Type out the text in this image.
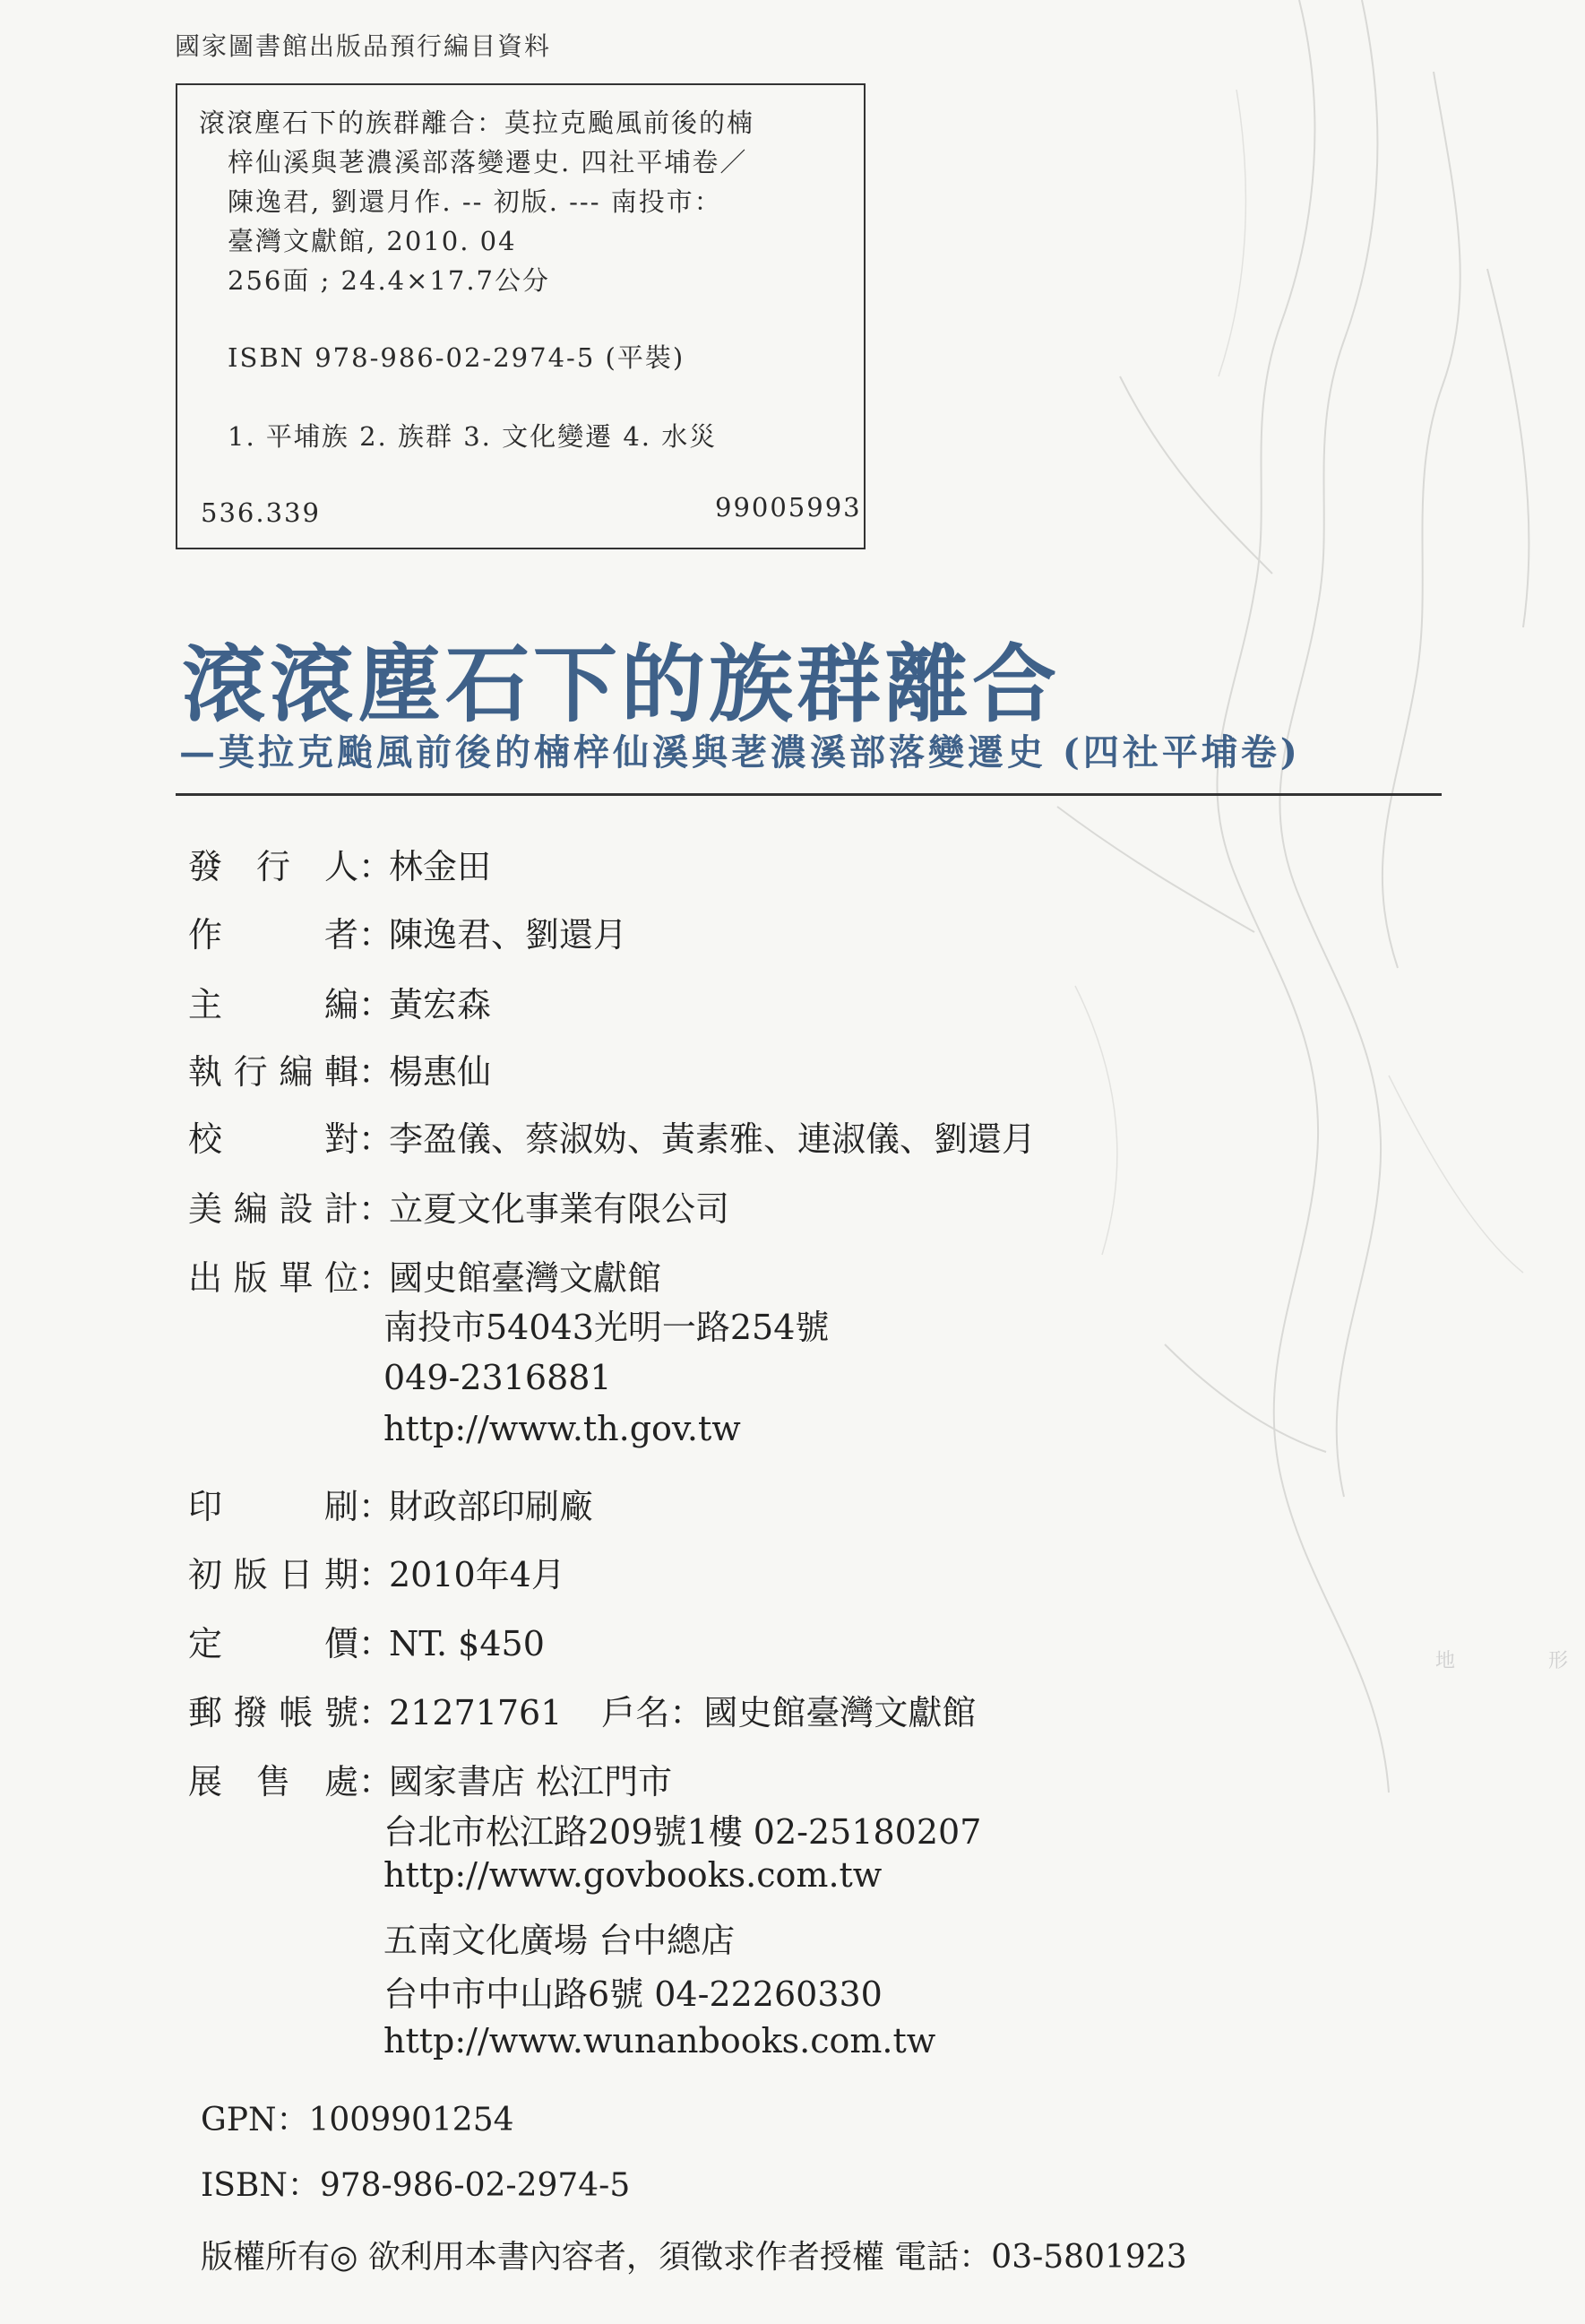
地	形
國家圖書館出版品預行編目資料
滾滾塵石下的族群離合：莫拉克颱風前後的楠
梓仙溪與荖濃溪部落變遷史. 四社平埔卷／
陳逸君, 劉還月作. -- 初版. --- 南投市：
臺灣文獻館, 2010. 04
256面 ; 24.4×17.7公分
ISBN 978-986-02-2974-5 (平裝)
1. 平埔族 2. 族群 3. 文化變遷 4. 水災
536.339	99005993
滾滾塵石下的族群離合
—莫拉克颱風前後的楠梓仙溪與荖濃溪部落變遷史 (四社平埔卷)
發行人：林金田
作者：陳逸君、劉還月
主編：黃宏森
執行編輯：楊惠仙
校對：李盈儀、蔡淑妫、黃素雅、連淑儀、劉還月
美編設計：立夏文化事業有限公司
出版單位：國史館臺灣文獻館
南投市54043光明一路254號
049-2316881
http://www.th.gov.tw
印刷：財政部印刷廠
初版日期：2010年4月
定價：NT. $450
郵撥帳號：21271761 戶名：國史館臺灣文獻館
展售處：國家書店 松江門市
台北市松江路209號1樓 02-25180207
http://www.govbooks.com.tw
五南文化廣場 台中總店
台中市中山路6號 04-22260330
http://www.wunanbooks.com.tw
GPN：1009901254
ISBN：978-986-02-2974-5
版權所有◎ 欲利用本書內容者，須徵求作者授權 電話：03-5801923
